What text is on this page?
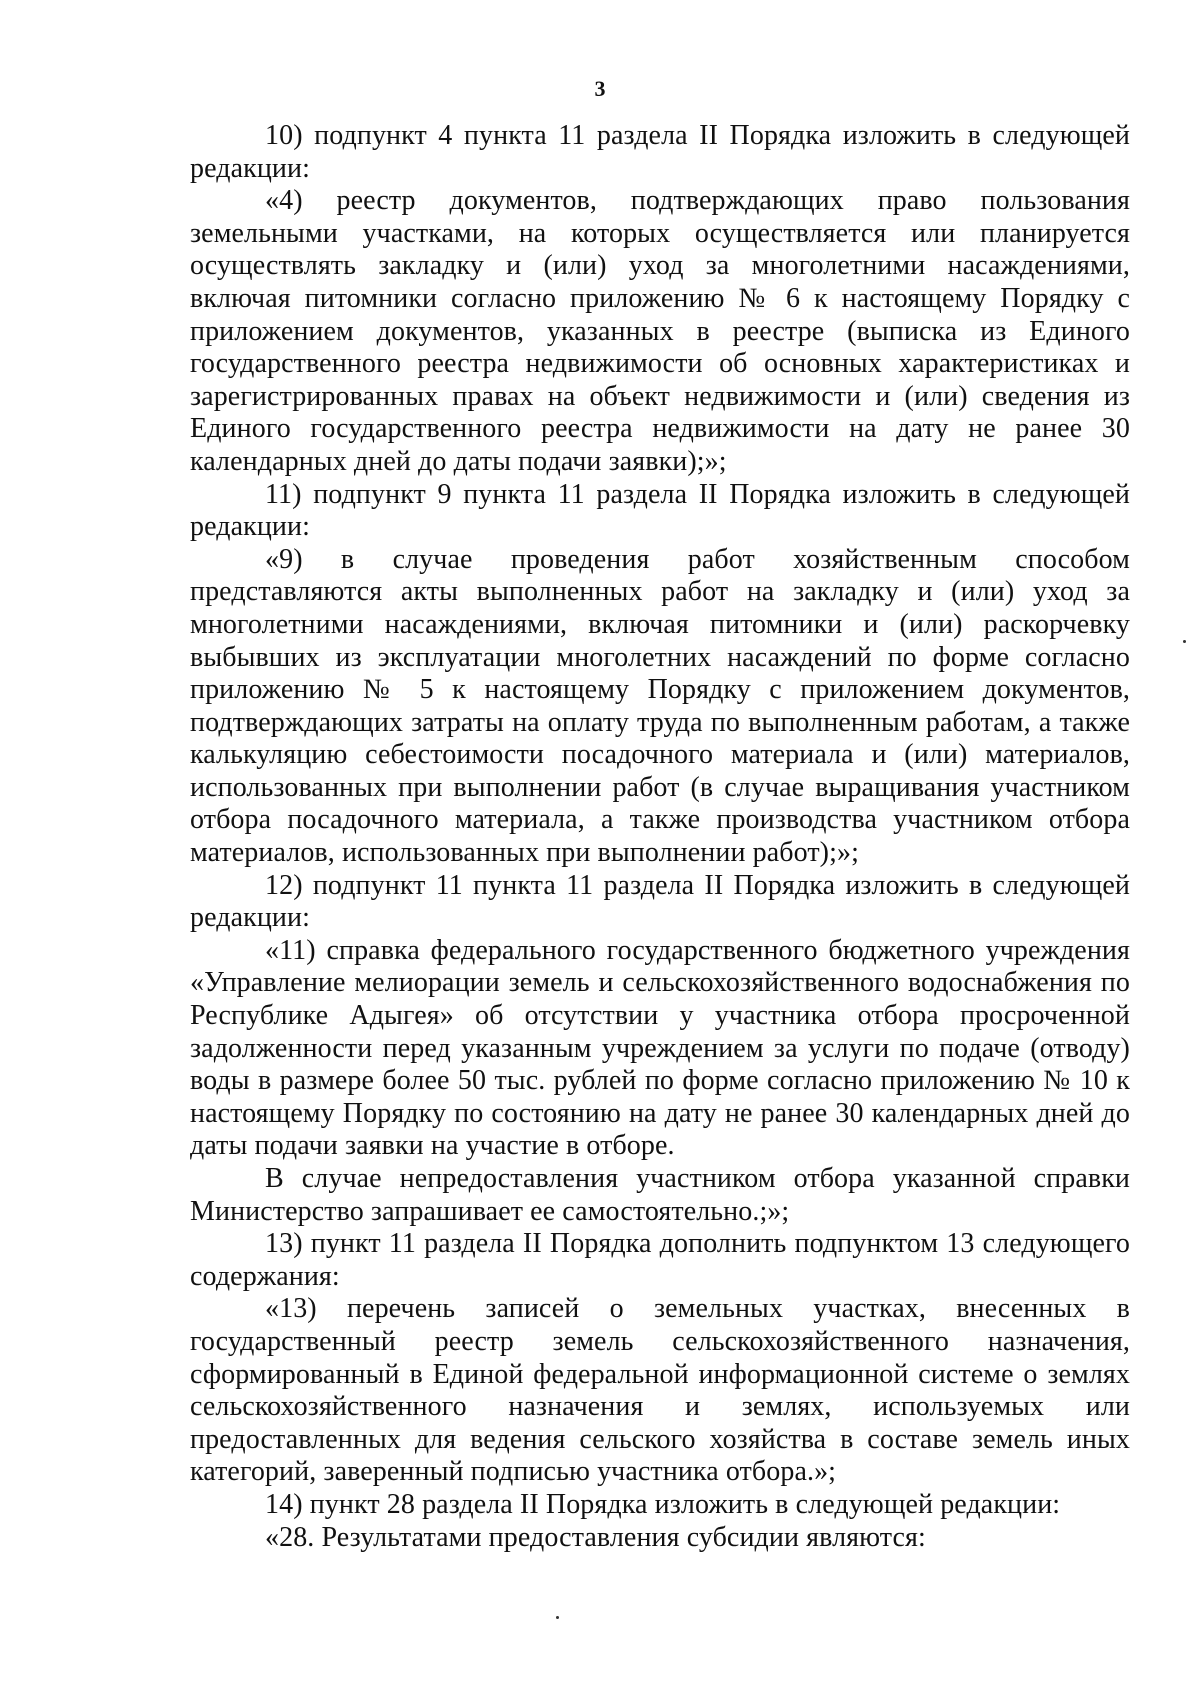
3

10) подпункт 4 пункта 11 раздела II Порядка изложить в следующей редакции:

«4) реестр документов, подтверждающих право пользования земельными участками, на которых осуществляется или планируется осуществлять закладку и (или) уход за многолетними насаждениями, включая питомники согласно приложению № 6 к настоящему Порядку с приложением документов, указанных в реестре (выписка из Единого государственного реестра недвижимости об основных характеристиках и зарегистрированных правах на объект недвижимости и (или) сведения из Единого государственного реестра недвижимости на дату не ранее 30 календарных дней до даты подачи заявки);»;

11) подпункт 9 пункта 11 раздела II Порядка изложить в следующей редакции:

«9) в случае проведения работ хозяйственным способом представляются акты выполненных работ на закладку и (или) уход за многолетними насаждениями, включая питомники и (или) раскорчевку выбывших из эксплуатации многолетних насаждений по форме согласно приложению № 5 к настоящему Порядку с приложением документов, подтверждающих затраты на оплату труда по выполненным работам, а также калькуляцию себестоимости посадочного материала и (или) материалов, использованных при выполнении работ (в случае выращивания участником отбора посадочного материала, а также производства участником отбора материалов, использованных при выполнении работ);»;

12) подпункт 11 пункта 11 раздела II Порядка изложить в следующей редакции:

«11) справка федерального государственного бюджетного учреждения «Управление мелиорации земель и сельскохозяйственного водоснабжения по Республике Адыгея» об отсутствии у участника отбора просроченной задолженности перед указанным учреждением за услуги по подаче (отводу) воды в размере более 50 тыс. рублей по форме согласно приложению № 10 к настоящему Порядку по состоянию на дату не ранее 30 календарных дней до даты подачи заявки на участие в отборе.

В случае непредоставления участником отбора указанной справки Министерство запрашивает ее самостоятельно.;»;

13) пункт 11 раздела II Порядка дополнить подпунктом 13 следующего содержания:

«13) перечень записей о земельных участках, внесенных в государственный реестр земель сельскохозяйственного назначения, сформированный в Единой федеральной информационной системе о землях сельскохозяйственного назначения и землях, используемых или предоставленных для ведения сельского хозяйства в составе земель иных категорий, заверенный подписью участника отбора.»;

14) пункт 28 раздела II Порядка изложить в следующей редакции:

«28. Результатами предоставления субсидии являются:
